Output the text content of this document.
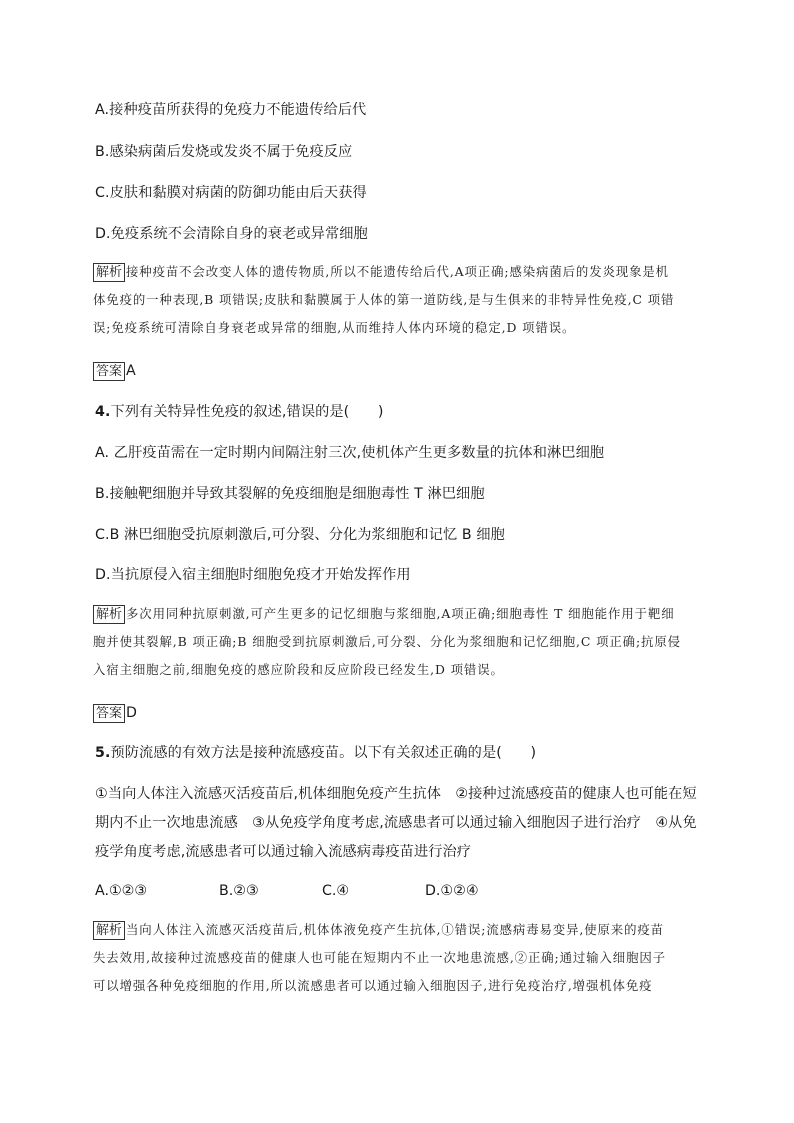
A.接种疫苗所获得的免疫力不能遗传给后代
B.感染病菌后发烧或发炎不属于免疫反应
C.皮肤和黏膜对病菌的防御功能由后天获得
D.免疫系统不会清除自身的衰老或异常细胞
解析 接种疫苗不会改变人体的遗传物质,所以不能遗传给后代,A项正确;感染病菌后的发炎现象是机
体免疫的一种表现,B 项错误;皮肤和黏膜属于人体的第一道防线,是与生俱来的非特异性免疫,C 项错
误;免疫系统可清除自身衰老或异常的细胞,从而维持人体内环境的稳定,D 项错误。
答案 A
4.下列有关特异性免疫的叙述,错误的是(　　)
A. 乙肝疫苗需在一定时期内间隔注射三次,使机体产生更多数量的抗体和淋巴细胞
B.接触靶细胞并导致其裂解的免疫细胞是细胞毒性 T 淋巴细胞
C.B 淋巴细胞受抗原刺激后,可分裂、分化为浆细胞和记忆 B 细胞
D.当抗原侵入宿主细胞时细胞免疫才开始发挥作用
解析 多次用同种抗原刺激,可产生更多的记忆细胞与浆细胞,A项正确;细胞毒性 T 细胞能作用于靶细
胞并使其裂解,B 项正确;B 细胞受到抗原刺激后,可分裂、分化为浆细胞和记忆细胞,C 项正确;抗原侵
入宿主细胞之前,细胞免疫的感应阶段和反应阶段已经发生,D 项错误。
答案 D
5.预防流感的有效方法是接种流感疫苗。以下有关叙述正确的是(　　)
①当向人体注入流感灭活疫苗后,机体细胞免疫产生抗体　②接种过流感疫苗的健康人也可能在短
期内不止一次地患流感　③从免疫学角度考虑,流感患者可以通过输入细胞因子进行治疗　④从免
疫学角度考虑,流感患者可以通过输入流感病毒疫苗进行治疗
A.①②③	B.②③	C.④	D.①②④
解析 当向人体注入流感灭活疫苗后,机体体液免疫产生抗体,①错误;流感病毒易变异,使原来的疫苗
失去效用,故接种过流感疫苗的健康人也可能在短期内不止一次地患流感,②正确;通过输入细胞因子
可以增强各种免疫细胞的作用,所以流感患者可以通过输入细胞因子,进行免疫治疗,增强机体免疫
